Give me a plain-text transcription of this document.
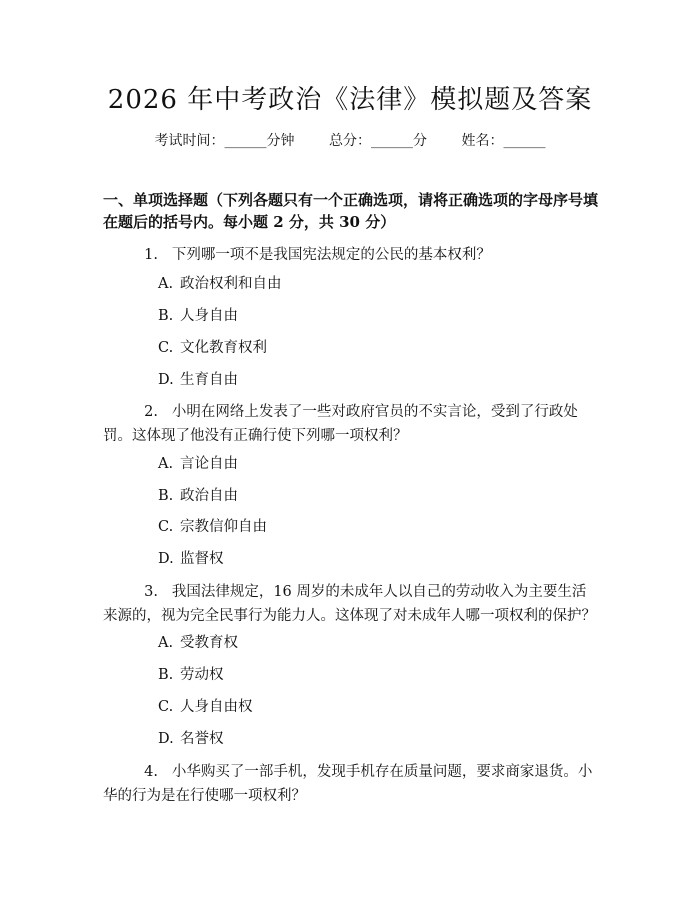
2026 年中考政治《法律》模拟题及答案
考试时间：______分钟 总分：______分 姓名：______
一、单项选择题（下列各题只有一个正确选项，请将正确选项的字母序号填在题后的括号内。每小题 2 分，共 30 分）
1. 下列哪一项不是我国宪法规定的公民的基本权利？
A. 政治权利和自由
B. 人身自由
C. 文化教育权利
D. 生育自由
2. 小明在网络上发表了一些对政府官员的不实言论，受到了行政处罚。这体现了他没有正确行使下列哪一项权利？
A. 言论自由
B. 政治自由
C. 宗教信仰自由
D. 监督权
3. 我国法律规定，16 周岁的未成年人以自己的劳动收入为主要生活来源的，视为完全民事行为能力人。这体现了对未成年人哪一项权利的保护？
A. 受教育权
B. 劳动权
C. 人身自由权
D. 名誉权
4. 小华购买了一部手机，发现手机存在质量问题，要求商家退货。小华的行为是在行使哪一项权利？
